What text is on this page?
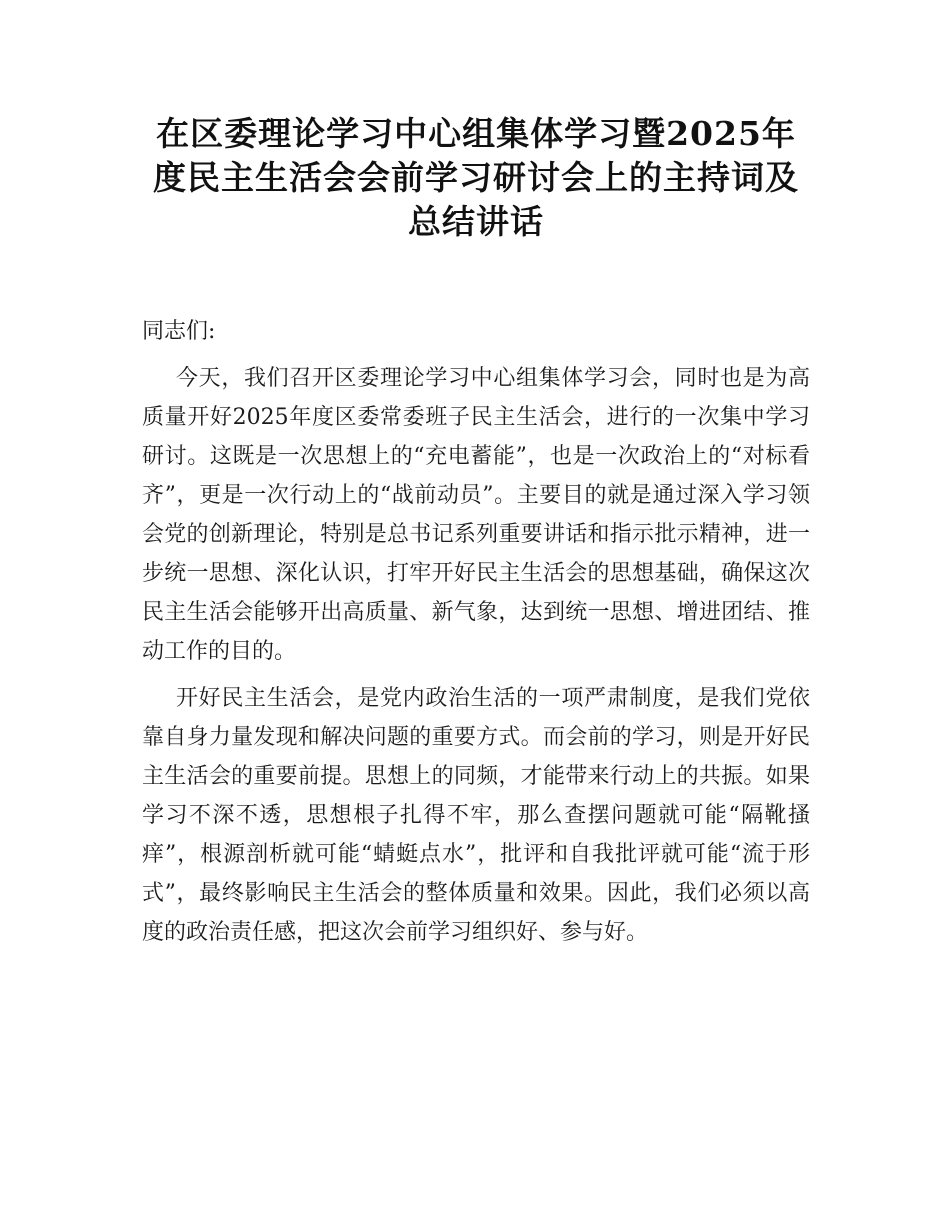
在区委理论学习中心组集体学习暨2025年度民主生活会会前学习研讨会上的主持词及总结讲话

同志们:

今天，我们召开区委理论学习中心组集体学习会，同时也是为高质量开好2025年度区委常委班子民主生活会，进行的一次集中学习研讨。这既是一次思想上的“充电蓄能”，也是一次政治上的“对标看齐”，更是一次行动上的“战前动员”。主要目的就是通过深入学习领会党的创新理论，特别是总书记系列重要讲话和指示批示精神，进一步统一思想、深化认识，打牢开好民主生活会的思想基础，确保这次民主生活会能够开出高质量、新气象，达到统一思想、增进团结、推动工作的目的。

开好民主生活会，是党内政治生活的一项严肃制度，是我们党依靠自身力量发现和解决问题的重要方式。而会前的学习，则是开好民主生活会的重要前提。思想上的同频，才能带来行动上的共振。如果学习不深不透，思想根子扎得不牢，那么查摆问题就可能“隔靴搔痒”，根源剖析就可能“蜻蜓点水”，批评和自我批评就可能“流于形式”，最终影响民主生活会的整体质量和效果。因此，我们必须以高度的政治责任感，把这次会前学习组织好、参与好。
